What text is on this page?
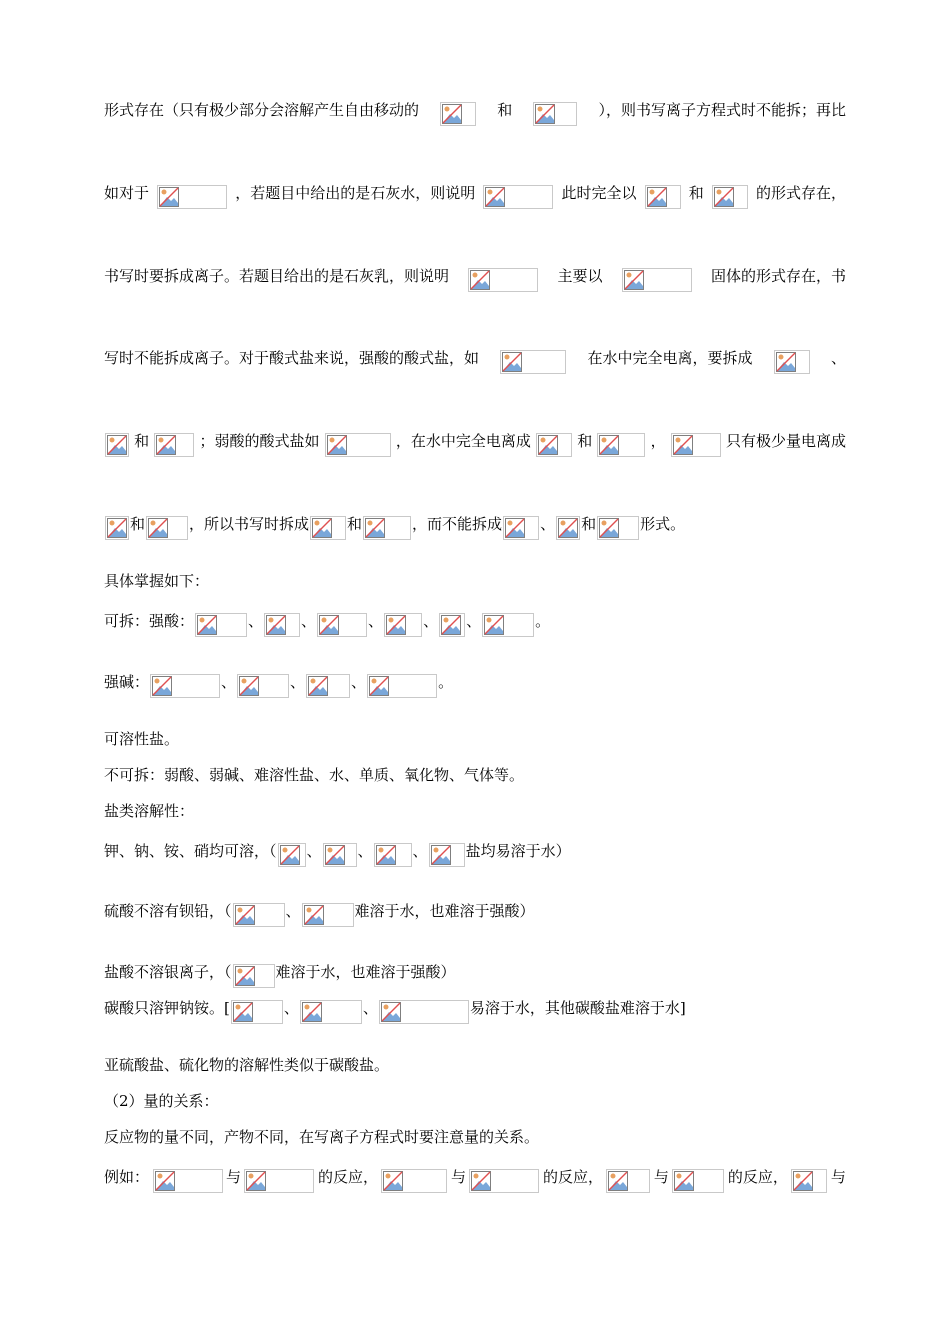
形式存在（只有极少部分会溶解产生自由移动的	和	），则书写离子方程式时不能拆；再比
如对于	，若题目中给出的是石灰水，则说明	此时完全以	和	的形式存在，
书写时要拆成离子。若题目给出的是石灰乳，则说明	主要以	固体的形式存在，书
写时不能拆成离子。对于酸式盐来说，强酸的酸式盐，如	在水中完全电离，要拆成	、
和	；弱酸的酸式盐如	，在水中完全电离成	和	，	只有极少量电离成
和	，所以书写时拆成	和	，而不能拆成	、 和	形式。
具体掌握如下：
可拆：强酸：	、	、	、	、 、	。
强碱：	、	、	、	。
可溶性盐。
不可拆：弱酸、弱碱、难溶性盐、水、单质、氧化物、气体等。
盐类溶解性：
钾、钠、铵、硝均可溶，（ 、 、	、	盐均易溶于水）
硫酸不溶有钡铅，（	、	难溶于水，也难溶于强酸）
盐酸不溶银离子，（	难溶于水，也难溶于强酸）
碳酸只溶钾钠铵。[	、	、	易溶于水，其他碳酸盐难溶于水]
亚硫酸盐、硫化物的溶解性类似于碳酸盐。
（2）量的关系：
反应物的量不同，产物不同，在写离子方程式时要注意量的关系。
例如：	与	的反应，	与	的反应，	与	的反应，	与
